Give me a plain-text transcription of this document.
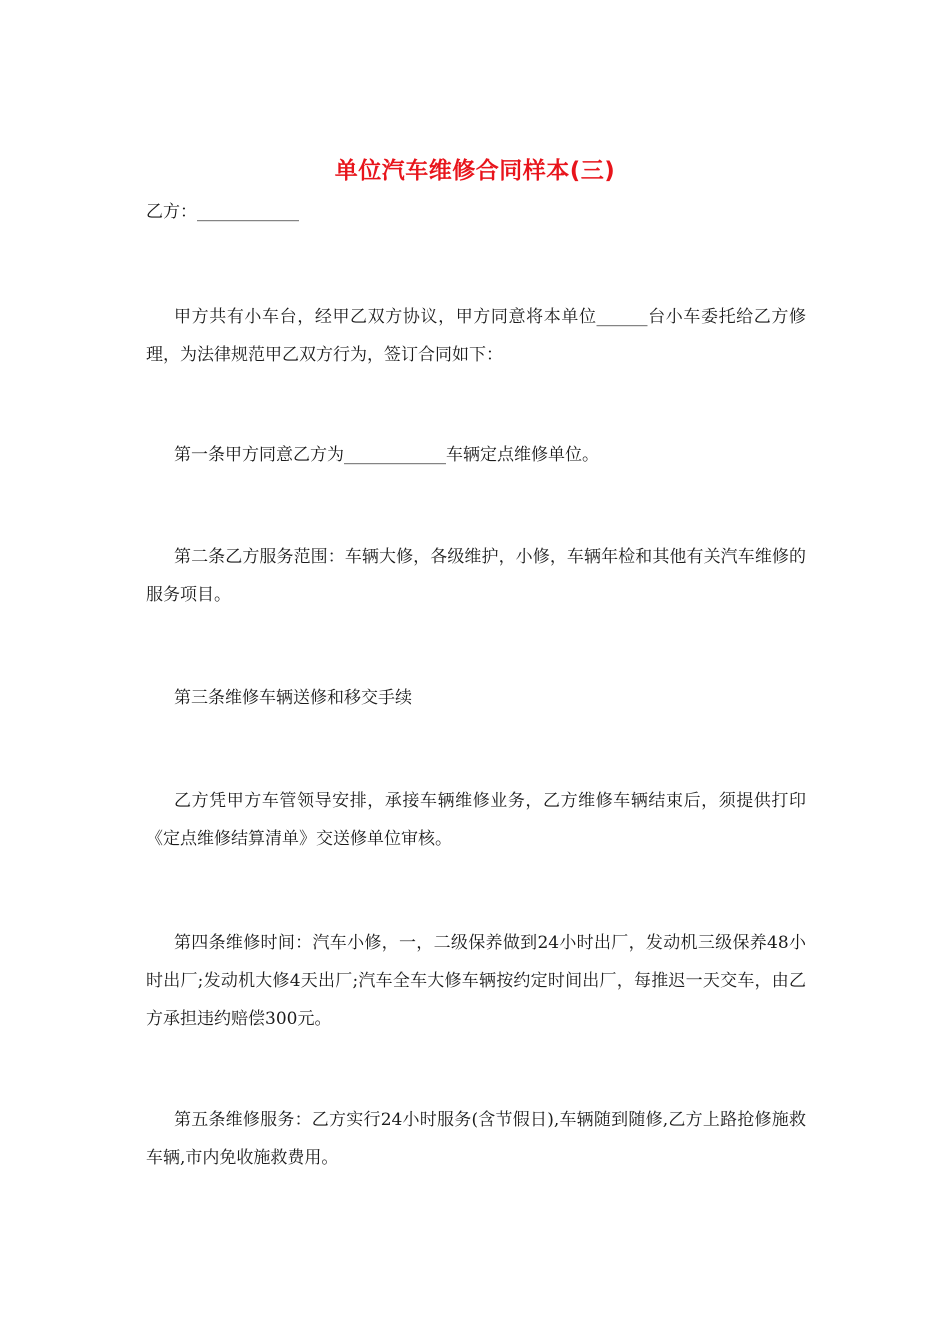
单位汽车维修合同样本(三)
乙方：____________

甲方共有小车台，经甲乙双方协议，甲方同意将本单位______台小车委托给乙方修理，为法律规范甲乙双方行为，签订合同如下：

第一条甲方同意乙方为____________车辆定点维修单位。

第二条乙方服务范围：车辆大修，各级维护，小修，车辆年检和其他有关汽车维修的服务项目。

第三条维修车辆送修和移交手续

乙方凭甲方车管领导安排，承接车辆维修业务，乙方维修车辆结束后，须提供打印《定点维修结算清单》交送修单位审核。

第四条维修时间：汽车小修，一，二级保养做到24小时出厂，发动机三级保养48小时出厂;发动机大修4天出厂;汽车全车大修车辆按约定时间出厂，每推迟一天交车，由乙方承担违约赔偿300元。

第五条维修服务：乙方实行24小时服务(含节假日),车辆随到随修,乙方上路抢修施救车辆,市内免收施救费用。
